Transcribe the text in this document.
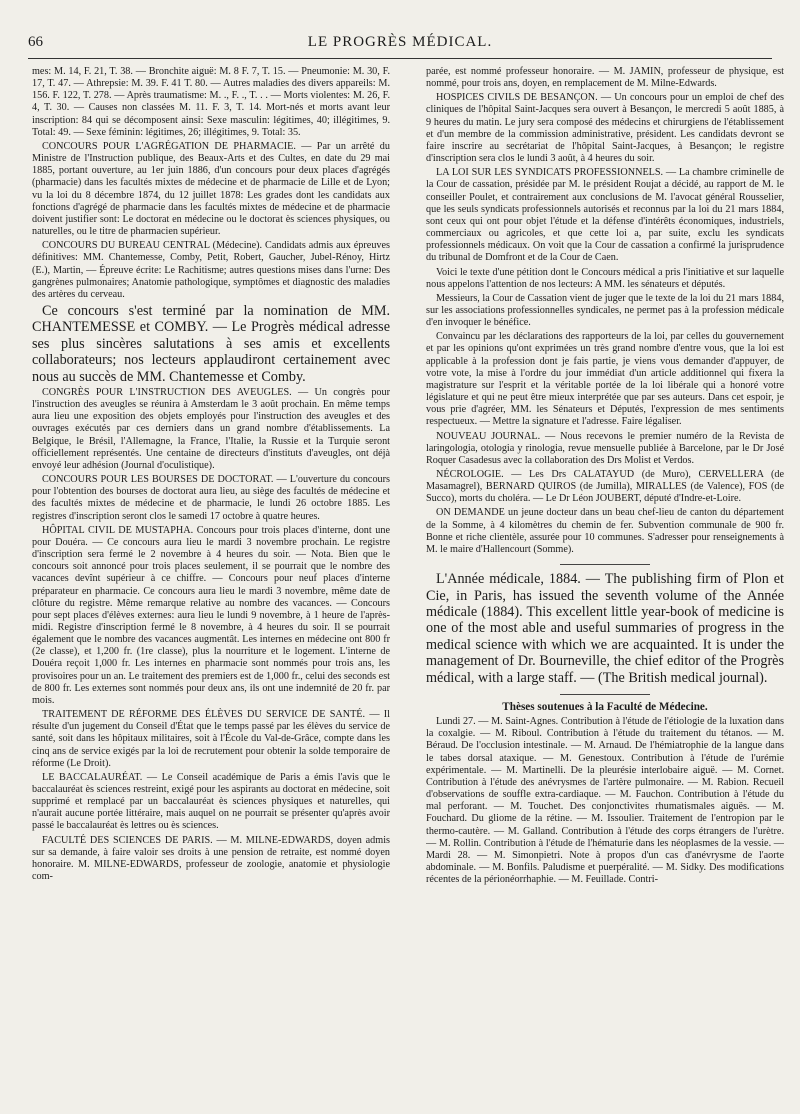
66	LE PROGRÈS MÉDICAL.

mes: M. 14, F. 21, T. 38. — Bronchite aiguë: M. 8 F. 7, T. 15. — Pneumonie: M. 30, F. 17, T. 47. — Athrepsie: M. 39. F. 41 T. 80. — Autres maladies des divers appareils: M. 156. F. 122, T. 278. — Après traumatisme: M. ., F. ., T. . . — Morts violentes: M. 26, F. 4, T. 30. — Causes non classées M. 11. F. 3, T. 14. Mort-nés et morts avant leur inscription: 84 qui se décomposent ainsi: Sexe masculin: légitimes, 40; illégitimes, 9. Total: 49. — Sexe féminin: légitimes, 26; illégitimes, 9. Total: 35.

CONCOURS POUR L'AGRÉGATION DE PHARMACIE. — Par un arrêté du Ministre de l'Instruction publique, des Beaux-Arts et des Cultes, en date du 29 mai 1885, portant ouverture, au 1er juin 1886, d'un concours pour deux places d'agrégés (pharmacie) dans les facultés mixtes de médecine et de pharmacie de Lille et de Lyon; vu la loi du 8 décembre 1874, du 12 juillet 1878: Les grades dont les candidats aux fonctions d'agrégé de pharmacie dans les facultés mixtes de médecine et de pharmacie doivent justifier sont: Le doctorat en médecine ou le doctorat ès sciences physiques, ou naturelles, ou le titre de pharmacien supérieur.

CONCOURS DU BUREAU CENTRAL (Médecine). Candidats admis aux épreuves définitives: MM. Chantemesse, Comby, Petit, Robert, Gaucher, Jubel-Rénoy, Hirtz (E.), Martin, — Épreuve écrite: Le Rachitisme; autres questions mises dans l'urne: Des gangrènes pulmonaires; Anatomie pathologique, symptômes et diagnostic des maladies des artères du cerveau.

Ce concours s'est terminé par la nomination de MM. CHANTEMESSE et COMBY. — Le Progrès médical adresse ses plus sincères salutations à ses amis et excellents collaborateurs; nos lecteurs applaudiront certainement avec nous au succès de MM. Chantemesse et Comby.

CONGRÈS POUR L'INSTRUCTION DES AVEUGLES. — Un congrès pour l'instruction des aveugles se réunira à Amsterdam le 3 août prochain. En même temps aura lieu une exposition des objets employés pour l'instruction des aveugles et des ouvrages exécutés par ces derniers dans un grand nombre d'établissements. La Belgique, le Brésil, l'Allemagne, la France, l'Italie, la Russie et la Turquie seront officiellement représentés. Une centaine de directeurs d'instituts d'aveugles, ont déjà envoyé leur adhésion (Journal d'oculistique).

CONCOURS POUR LES BOURSES DE DOCTORAT. — L'ouverture du concours pour l'obtention des bourses de doctorat aura lieu, au siège des facultés de médecine et des facultés mixtes de médecine et de pharmacie, le lundi 26 octobre 1885. Les registres d'inscription seront clos le samedi 17 octobre à quatre heures.

HÔPITAL CIVIL DE MUSTAPHA. Concours pour trois places d'interne, dont une pour Douéra. — Ce concours aura lieu le mardi 3 novembre prochain. Le registre d'inscription sera fermé le 2 novembre à 4 heures du soir. — Nota. Bien que le concours soit annoncé pour trois places seulement, il se pourrait que le nombre des vacances devînt supérieur à ce chiffre. — Concours pour neuf places d'interne préparateur en pharmacie. Ce concours aura lieu le mardi 3 novembre, même date de clôture du registre. Même remarque relative au nombre des vacances. — Concours pour sept places d'élèves externes: aura lieu le lundi 9 novembre, à 1 heure de l'après-midi. Registre d'inscription fermé le 8 novembre, à 4 heures du soir. Il se pourrait également que le nombre des vacances augmentât. Les internes en médecine ont 800 fr (2e classe), et 1,200 fr. (1re classe), plus la nourriture et le logement. L'interne de Douéra reçoit 1,000 fr. Les internes en pharmacie sont nommés pour trois ans, les provisoires pour un an. Le traitement des premiers est de 1,000 fr., celui des seconds est de 800 fr. Les externes sont nommés pour deux ans, ils ont une indemnité de 20 fr. par mois.

TRAITEMENT DE RÉFORME DES ÉLÈVES DU SERVICE DE SANTÉ. — Il résulte d'un jugement du Conseil d'État que le temps passé par les élèves du service de santé, soit dans les hôpitaux militaires, soit à l'École du Val-de-Grâce, compte dans les cinq ans de service exigés par la loi de recrutement pour obtenir la solde temporaire de réforme (Le Droit).

LE BACCALAURÉAT. — Le Conseil académique de Paris a émis l'avis que le baccalauréat ès sciences restreint, exigé pour les aspirants au doctorat en médecine, soit supprimé et remplacé par un baccalauréat ès sciences physiques et naturelles, qui n'aurait aucune portée littéraire, mais auquel on ne pourrait se présenter qu'après avoir passé le baccalauréat ès lettres ou ès sciences.

FACULTÉ DES SCIENCES DE PARIS. — M. MILNE-EDWARDS, doyen admis sur sa demande, à faire valoir ses droits à une pension de retraite, est nommé doyen honoraire. M. MILNE-EDWARDS, professeur de zoologie, anatomie et physiologie com-

parée, est nommé professeur honoraire. — M. JAMIN, professeur de physique, est nommé, pour trois ans, doyen, en remplacement de M. Milne-Edwards.

HOSPICES CIVILS DE BESANÇON. — Un concours pour un emploi de chef des cliniques de l'hôpital Saint-Jacques sera ouvert à Besançon, le mercredi 5 août 1885, à 9 heures du matin. Le jury sera composé des médecins et chirurgiens de l'établissement et d'un membre de la commission administrative, président. Les candidats devront se faire inscrire au secrétariat de l'hôpital Saint-Jacques, à Besançon; le registre d'inscription sera clos le lundi 3 août, à 4 heures du soir.

LA LOI SUR LES SYNDICATS PROFESSIONNELS. — La chambre criminelle de la Cour de cassation, présidée par M. le président Roujat a décidé, au rapport de M. le conseiller Poulet, et contrairement aux conclusions de M. l'avocat général Rousselier, que les seuls syndicats professionnels autorisés et reconnus par la loi du 21 mars 1884, sont ceux qui ont pour objet l'étude et la défense d'intérêts économiques, industriels, commerciaux ou agricoles, et que cette loi a, par suite, exclu les syndicats professionnels médicaux. On voit que la Cour de cassation a confirmé la jurisprudence du tribunal de Domfront et de la Cour de Caen.

Voici le texte d'une pétition dont le Concours médical a pris l'initiative et sur laquelle nous appelons l'attention de nos lecteurs: A MM. les sénateurs et députés.

Messieurs, la Cour de Cassation vient de juger que le texte de la loi du 21 mars 1884, sur les associations professionnelles syndicales, ne permet pas à la profession médicale d'en invoquer le bénéfice.

Convaincu par les déclarations des rapporteurs de la loi, par celles du gouvernement et par les opinions qu'ont exprimées un très grand nombre d'entre vous, que la loi est applicable à la profession dont je fais partie, je viens vous demander d'appuyer, de votre vote, la mise à l'ordre du jour immédiat d'un article additionnel qui fixera la magistrature sur l'esprit et la véritable portée de la loi libérale qui a honoré votre législature et qui ne peut être mieux interprétée que par ses auteurs. Dans cet espoir, je vous prie d'agréer, MM. les Sénateurs et Députés, l'expression de mes sentiments respectueux. — Mettre la signature et l'adresse. Faire légaliser.

NOUVEAU JOURNAL. — Nous recevons le premier numéro de la Revista de laringologia, otologia y rinologia, revue mensuelle publiée à Barcelone, par le Dr José Roquer Casadesus avec la collaboration des Drs Molist et Verdos.

NÉCROLOGIE. — Les Drs CALATAYUD (de Muro), CERVELLERA (de Masamagrel), BERNARD QUIROS (de Jumilla), MIRALLES (de Valence), FOS (de Succo), morts du choléra. — Le Dr Léon JOUBERT, député d'Indre-et-Loire.

ON DEMANDE un jeune docteur dans un beau chef-lieu de canton du département de la Somme, à 4 kilomètres du chemin de fer. Subvention communale de 900 fr. Bonne et riche clientèle, assurée pour 10 communes. S'adresser pour renseignements à M. le maire d'Hallencourt (Somme).

L'Année médicale, 1884. — The publishing firm of Plon et Cie, in Paris, has issued the seventh volume of the Année médicale (1884). This excellent little year-book of medicine is one of the most able and useful summaries of progress in the medical science with which we are acquainted. It is under the management of Dr. Bourneville, the chief editor of the Progrès médical, with a large staff. — (The British medical journal).

Thèses soutenues à la Faculté de Médecine.

Lundi 27. — M. Saint-Agnes. Contribution à l'étude de l'étiologie de la luxation dans la coxalgie. — M. Riboul. Contribution à l'étude du traitement du tétanos. — M. Béraud. De l'occlusion intestinale. — M. Arnaud. De l'hémiatrophie de la langue dans le tabes dorsal ataxique. — M. Genestoux. Contribution à l'étude de l'urémie expérimentale. — M. Martinelli. De la pleurésie interlobaire aiguë. — M. Cornet. Contribution à l'étude des anévrysmes de l'artère pulmonaire. — M. Rabion. Recueil d'observations de souffle extra-cardiaque. — M. Fauchon. Contribution à l'étude du mal perforant. — M. Touchet. Des conjonctivites rhumatismales aiguës. — M. Fouchard. Du gliome de la rétine. — M. Issoulier. Traitement de l'entropion par le thermo-cautère. — M. Galland. Contribution à l'étude des corps étrangers de l'urètre. — M. Rollin. Contribution à l'étude de l'hématurie dans les néoplasmes de la vessie. — Mardi 28. — M. Simonpietri. Note à propos d'un cas d'anévrysme de l'aorte abdominale. — M. Bonfils. Paludisme et puerpéralité. — M. Sidky. Des modifications récentes de la périonéorrhaphie. — M. Feuillade. Contri-
